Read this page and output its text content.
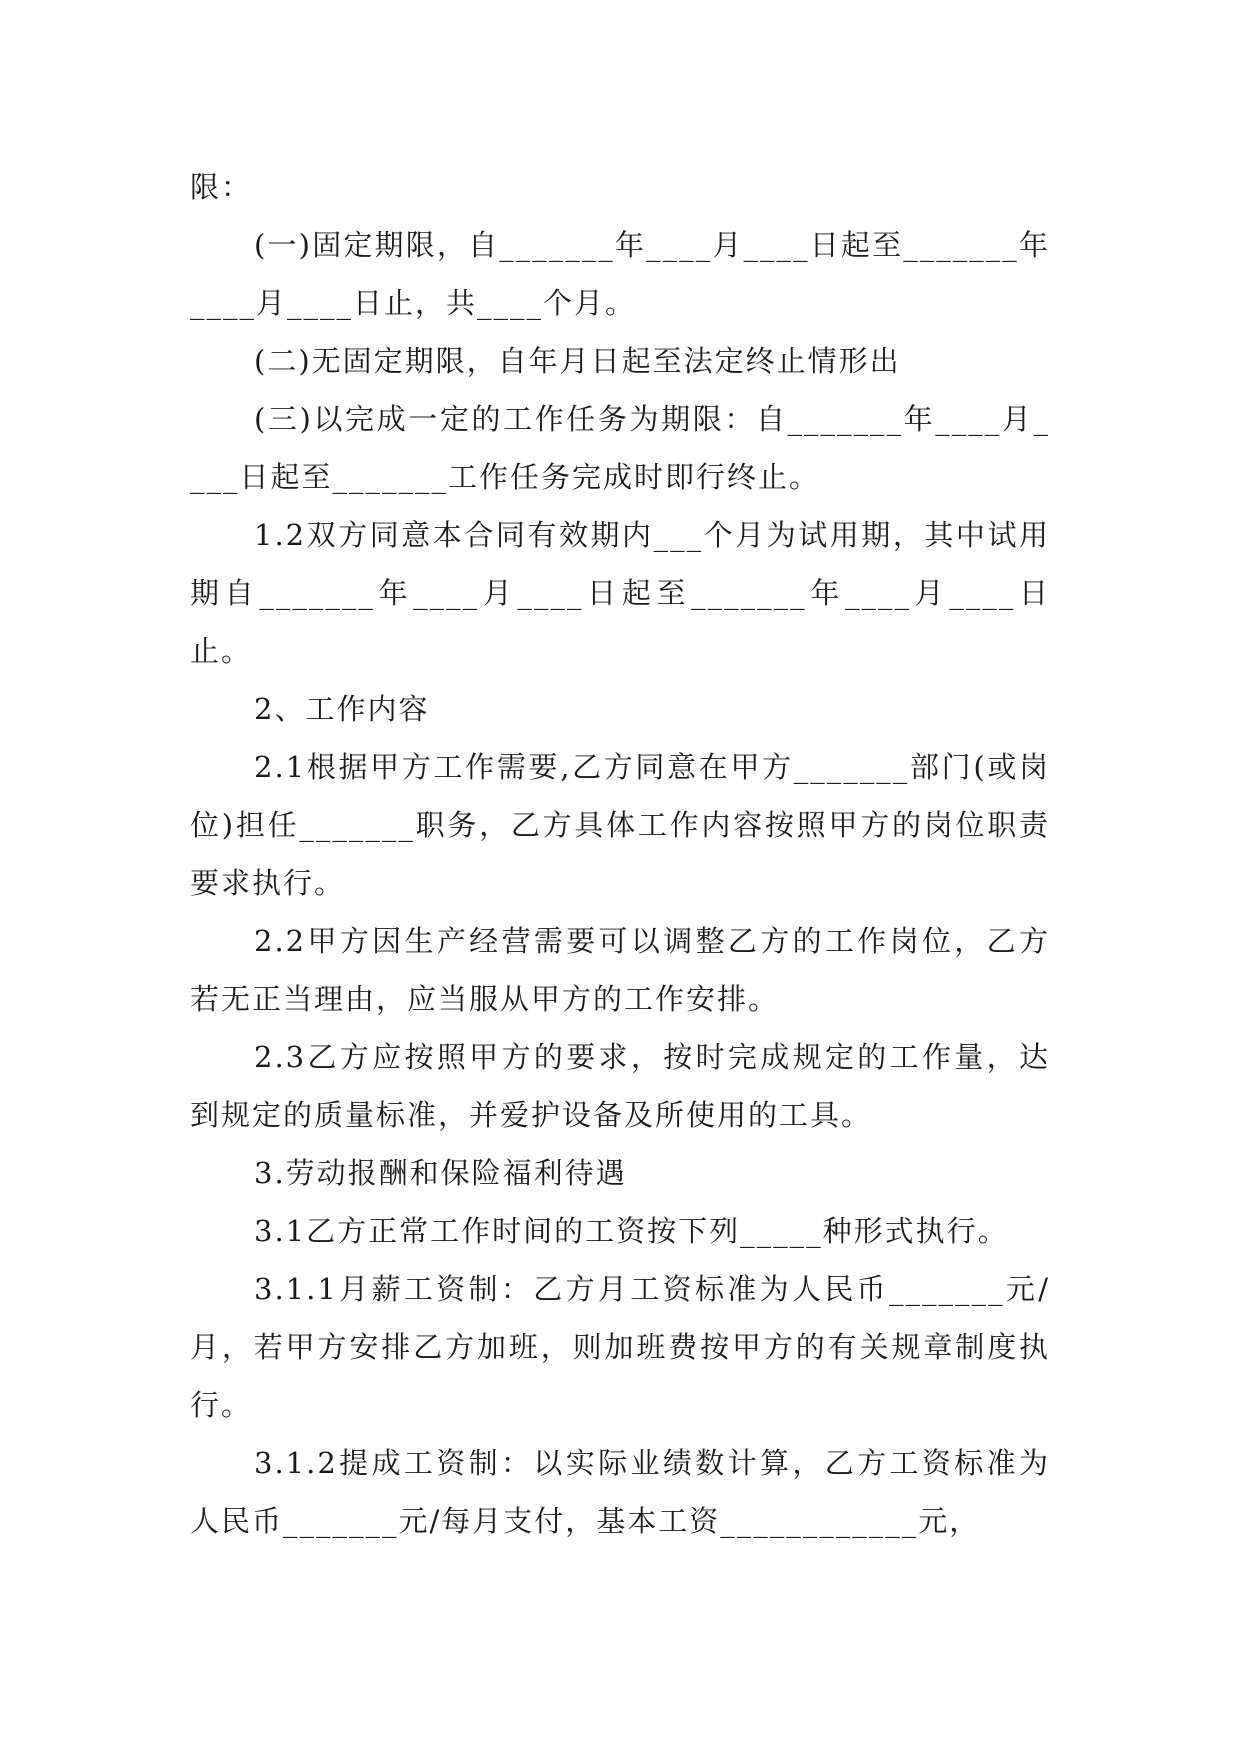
限：

(一)固定期限，自_______年____月____日起至_______年____月____日止，共____个月。

(二)无固定期限，自年月日起至法定终止情形出

(三)以完成一定的工作任务为期限：自_______年____月____日起至_______工作任务完成时即行终止。

1.2双方同意本合同有效期内___个月为试用期，其中试用期自_______年____月____日起至_______年____月____日止。

2、工作内容

2.1根据甲方工作需要,乙方同意在甲方_______部门(或岗位)担任_______职务，乙方具体工作内容按照甲方的岗位职责要求执行。

2.2甲方因生产经营需要可以调整乙方的工作岗位，乙方若无正当理由，应当服从甲方的工作安排。

2.3乙方应按照甲方的要求，按时完成规定的工作量，达到规定的质量标准，并爱护设备及所使用的工具。

3.劳动报酬和保险福利待遇

3.1乙方正常工作时间的工资按下列_____种形式执行。

3.1.1月薪工资制：乙方月工资标准为人民币_______元/月，若甲方安排乙方加班，则加班费按甲方的有关规章制度执行。

3.1.2提成工资制：以实际业绩数计算，乙方工资标准为人民币_______元/每月支付，基本工资____________元，
